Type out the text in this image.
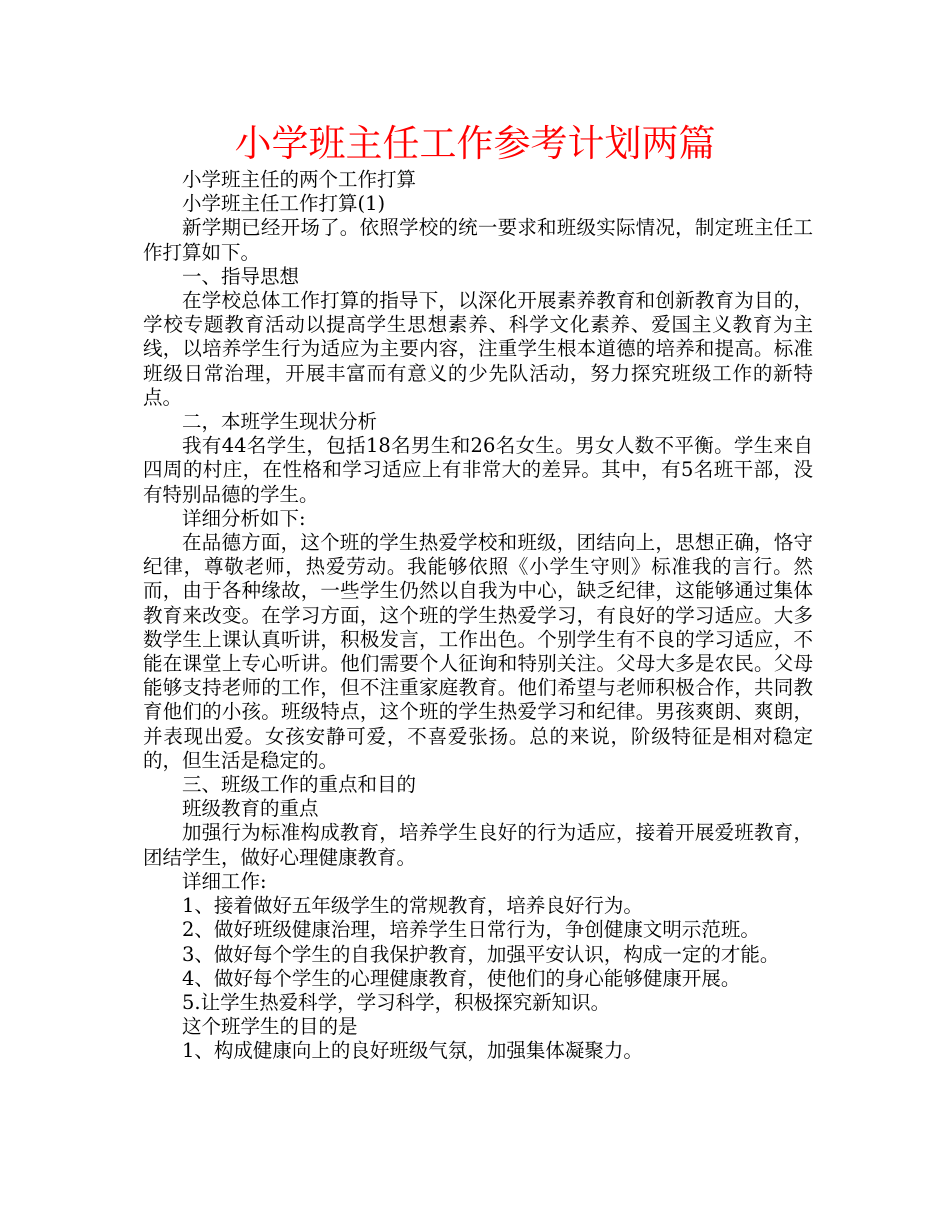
小学班主任工作参考计划两篇

小学班主任的两个工作打算

小学班主任工作打算(1)

新学期已经开场了。依照学校的统一要求和班级实际情况，制定班主任工作打算如下。

一、指导思想

在学校总体工作打算的指导下，以深化开展素养教育和创新教育为目的，学校专题教育活动以提高学生思想素养、科学文化素养、爱国主义教育为主线，以培养学生行为适应为主要内容，注重学生根本道德的培养和提高。标准班级日常治理，开展丰富而有意义的少先队活动，努力探究班级工作的新特点。

二，本班学生现状分析

我有44名学生，包括18名男生和26名女生。男女人数不平衡。学生来自四周的村庄，在性格和学习适应上有非常大的差异。其中，有5名班干部，没有特别品德的学生。

详细分析如下:

在品德方面，这个班的学生热爱学校和班级，团结向上，思想正确，恪守纪律，尊敬老师，热爱劳动。我能够依照《小学生守则》标准我的言行。然而，由于各种缘故，一些学生仍然以自我为中心，缺乏纪律，这能够通过集体教育来改变。在学习方面，这个班的学生热爱学习，有良好的学习适应。大多数学生上课认真听讲，积极发言，工作出色。个别学生有不良的学习适应，不能在课堂上专心听讲。他们需要个人征询和特别关注。父母大多是农民。父母能够支持老师的工作，但不注重家庭教育。他们希望与老师积极合作，共同教育他们的小孩。班级特点，这个班的学生热爱学习和纪律。男孩爽朗、爽朗，并表现出爱。女孩安静可爱，不喜爱张扬。总的来说，阶级特征是相对稳定的，但生活是稳定的。

三、班级工作的重点和目的

班级教育的重点

加强行为标准构成教育，培养学生良好的行为适应，接着开展爱班教育，团结学生，做好心理健康教育。

详细工作:

1、接着做好五年级学生的常规教育，培养良好行为。

2、做好班级健康治理，培养学生日常行为，争创健康文明示范班。

3、做好每个学生的自我保护教育，加强平安认识，构成一定的才能。

4、做好每个学生的心理健康教育，使他们的身心能够健康开展。

5.让学生热爱科学，学习科学，积极探究新知识。

这个班学生的目的是

1、构成健康向上的良好班级气氛，加强集体凝聚力。
